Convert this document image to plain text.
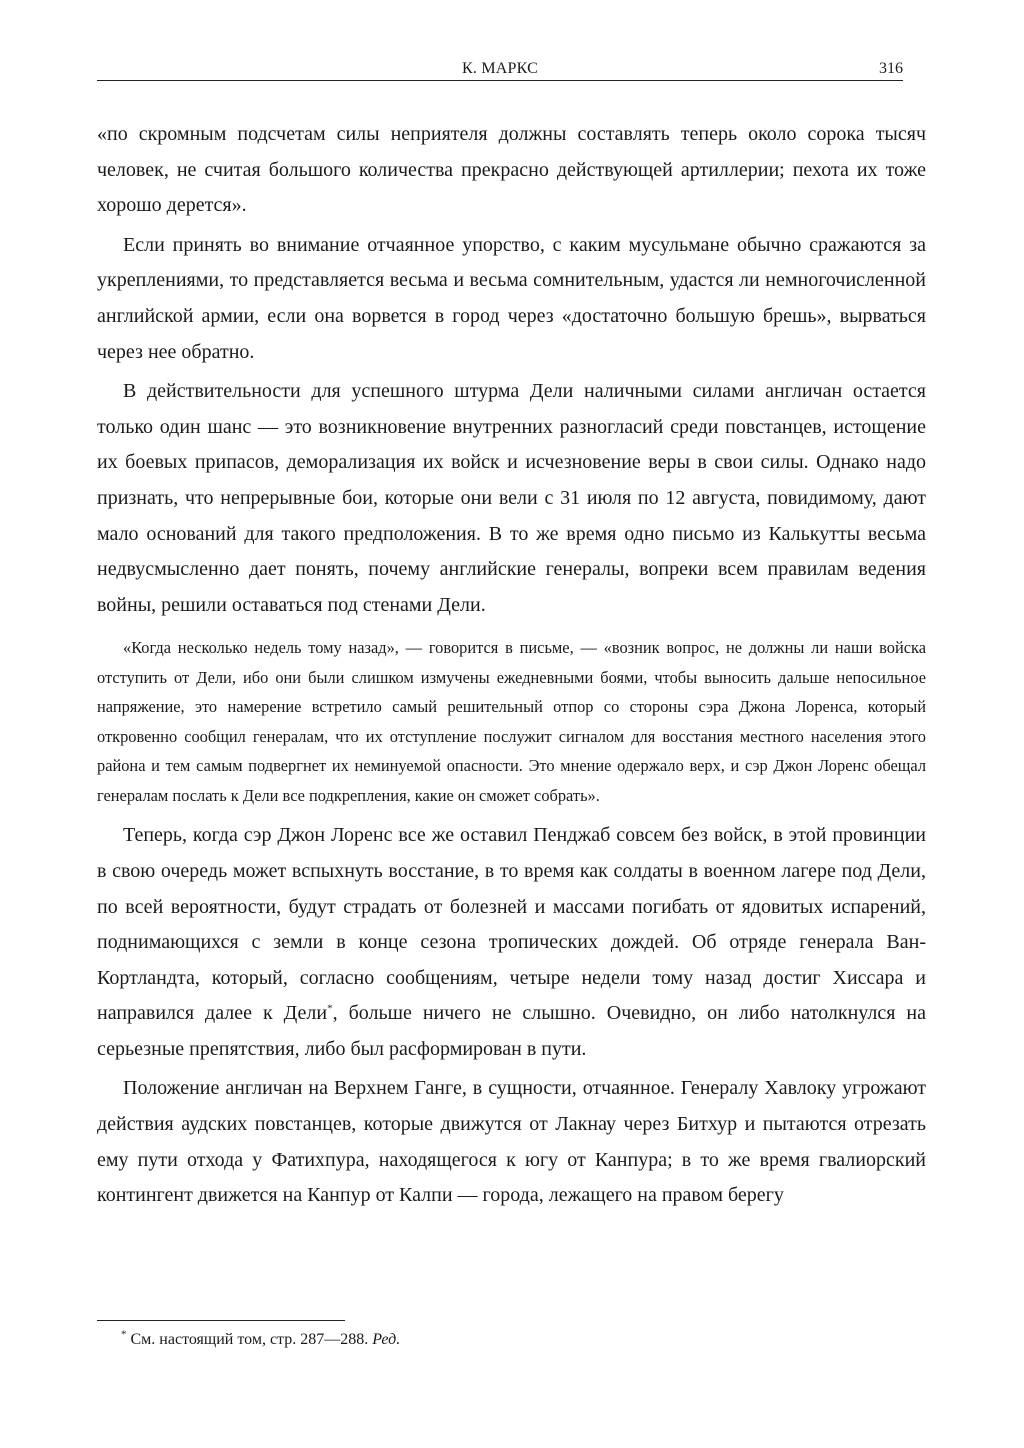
К. МАРКС	316

«по скромным подсчетам силы неприятеля должны составлять теперь около сорока тысяч человек, не считая большого количества прекрасно действующей артиллерии; пехота их тоже хорошо дерется».

Если принять во внимание отчаянное упорство, с каким мусульмане обычно сражаются за укреплениями, то представляется весьма и весьма сомнительным, удастся ли немногочисленной английской армии, если она ворвется в город через «достаточно большую брешь», вырваться через нее обратно.

В действительности для успешного штурма Дели наличными силами англичан остается только один шанс — это возникновение внутренних разногласий среди повстанцев, истощение их боевых припасов, деморализация их войск и исчезновение веры в свои силы. Однако надо признать, что непрерывные бои, которые они вели с 31 июля по 12 августа, повидимому, дают мало оснований для такого предположения. В то же время одно письмо из Калькутты весьма недвусмысленно дает понять, почему английские генералы, вопреки всем правилам ведения войны, решили оставаться под стенами Дели.

«Когда несколько недель тому назад», — говорится в письме, — «возник вопрос, не должны ли наши войска отступить от Дели, ибо они были слишком измучены ежедневными боями, чтобы выносить дальше непосильное напряжение, это намерение встретило самый решительный отпор со стороны сэра Джона Лоренса, который откровенно сообщил генералам, что их отступление послужит сигналом для восстания местного населения этого района и тем самым подвергнет их неминуемой опасности. Это мнение одержало верх, и сэр Джон Лоренс обещал генералам послать к Дели все подкрепления, какие он сможет собрать».

Теперь, когда сэр Джон Лоренс все же оставил Пенджаб совсем без войск, в этой провинции в свою очередь может вспыхнуть восстание, в то время как солдаты в военном лагере под Дели, по всей вероятности, будут страдать от болезней и массами погибать от ядовитых испарений, поднимающихся с земли в конце сезона тропических дождей. Об отряде генерала Ван-Кортландта, который, согласно сообщениям, четыре недели тому назад достиг Хиссара и направился далее к Дели*, больше ничего не слышно. Очевидно, он либо натолкнулся на серьезные препятствия, либо был расформирован в пути.

Положение англичан на Верхнем Ганге, в сущности, отчаянное. Генералу Хавлоку угрожают действия аудских повстанцев, которые движутся от Лакнау через Битхур и пытаются отрезать ему пути отхода у Фатихпура, находящегося к югу от Канпура; в то же время гвалиорский контингент движется на Канпур от Калпи — города, лежащего на правом берегу

* См. настоящий том, стр. 287—288. Ред.
